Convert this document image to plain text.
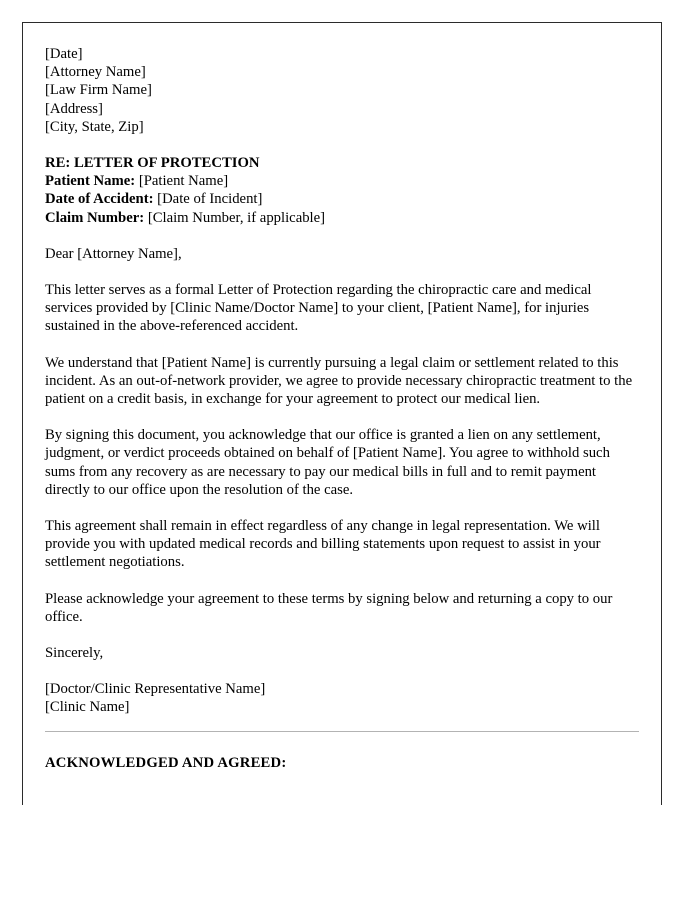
[Date]
[Attorney Name]
[Law Firm Name]
[Address]
[City, State, Zip]
RE: LETTER OF PROTECTION
Patient Name: [Patient Name]
Date of Accident: [Date of Incident]
Claim Number: [Claim Number, if applicable]
Dear [Attorney Name],

This letter serves as a formal Letter of Protection regarding the chiropractic care and medical services provided by [Clinic Name/Doctor Name] to your client, [Patient Name], for injuries sustained in the above-referenced accident.

We understand that [Patient Name] is currently pursuing a legal claim or settlement related to this incident. As an out-of-network provider, we agree to provide necessary chiropractic treatment to the patient on a credit basis, in exchange for your agreement to protect our medical lien.

By signing this document, you acknowledge that our office is granted a lien on any settlement, judgment, or verdict proceeds obtained on behalf of [Patient Name]. You agree to withhold such sums from any recovery as are necessary to pay our medical bills in full and to remit payment directly to our office upon the resolution of the case.

This agreement shall remain in effect regardless of any change in legal representation. We will provide you with updated medical records and billing statements upon request to assist in your settlement negotiations.

Please acknowledge your agreement to these terms by signing below and returning a copy to our office.

Sincerely,
[Doctor/Clinic Representative Name]
[Clinic Name]
ACKNOWLEDGED AND AGREED:
